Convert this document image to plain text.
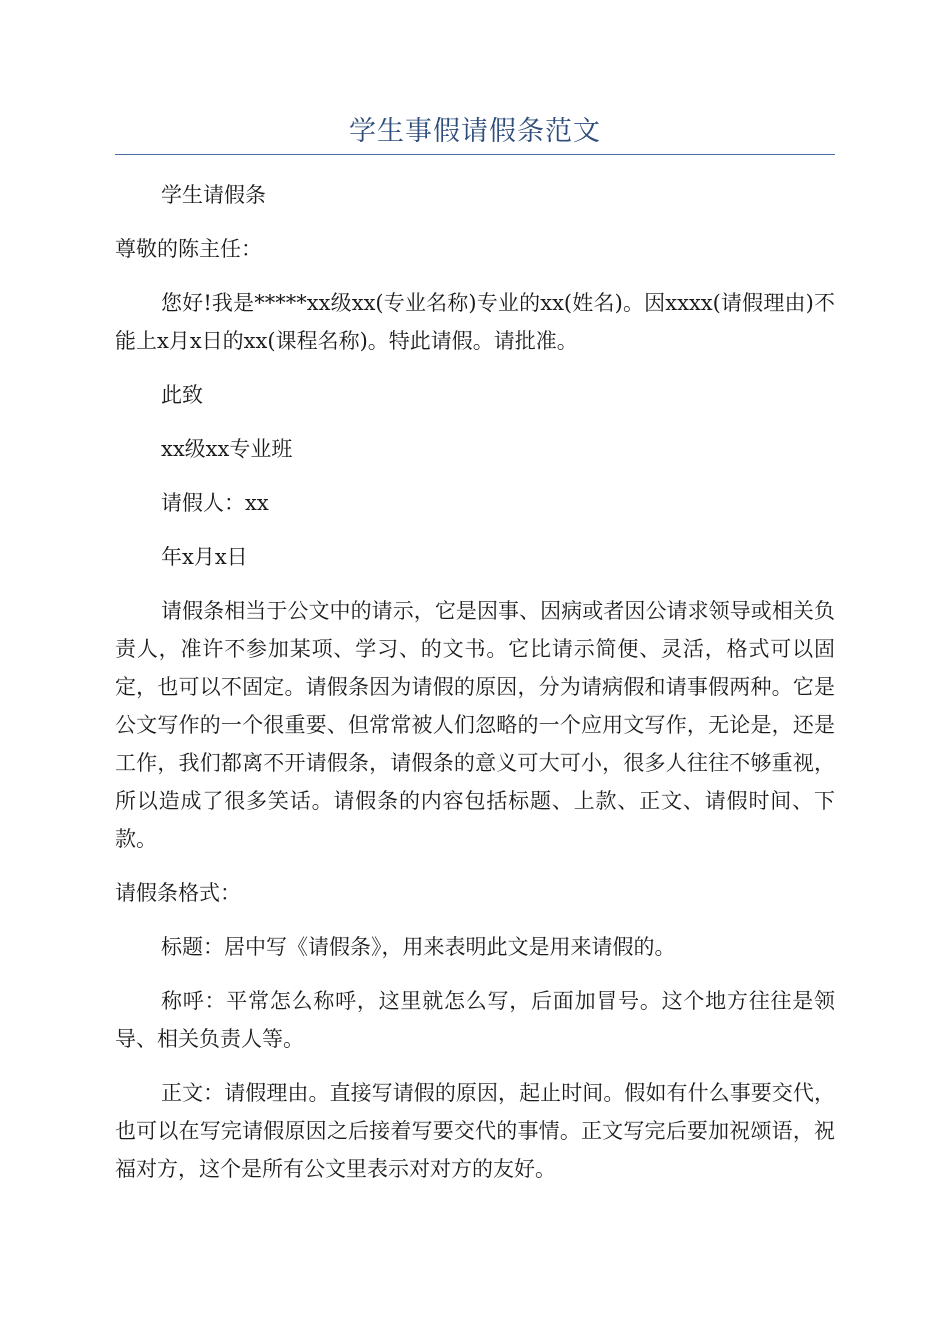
学生事假请假条范文

学生请假条

尊敬的陈主任：

您好!我是*****xx级xx(专业名称)专业的xx(姓名)。因xxxx(请假理由)不能上x月x日的xx(课程名称)。特此请假。请批准。

此致

xx级xx专业班

请假人：xx

年x月x日

请假条相当于公文中的请示，它是因事、因病或者因公请求领导或相关负责人，准许不参加某项、学习、的文书。它比请示简便、灵活，格式可以固定，也可以不固定。请假条因为请假的原因，分为请病假和请事假两种。它是公文写作的一个很重要、但常常被人们忽略的一个应用文写作，无论是，还是工作，我们都离不开请假条，请假条的意义可大可小，很多人往往不够重视，所以造成了很多笑话。请假条的内容包括标题、上款、正文、请假时间、下款。

请假条格式：

标题：居中写《请假条》，用来表明此文是用来请假的。

称呼：平常怎么称呼，这里就怎么写，后面加冒号。这个地方往往是领导、相关负责人等。

正文：请假理由。直接写请假的原因，起止时间。假如有什么事要交代，也可以在写完请假原因之后接着写要交代的事情。正文写完后要加祝颂语，祝福对方，这个是所有公文里表示对对方的友好。
